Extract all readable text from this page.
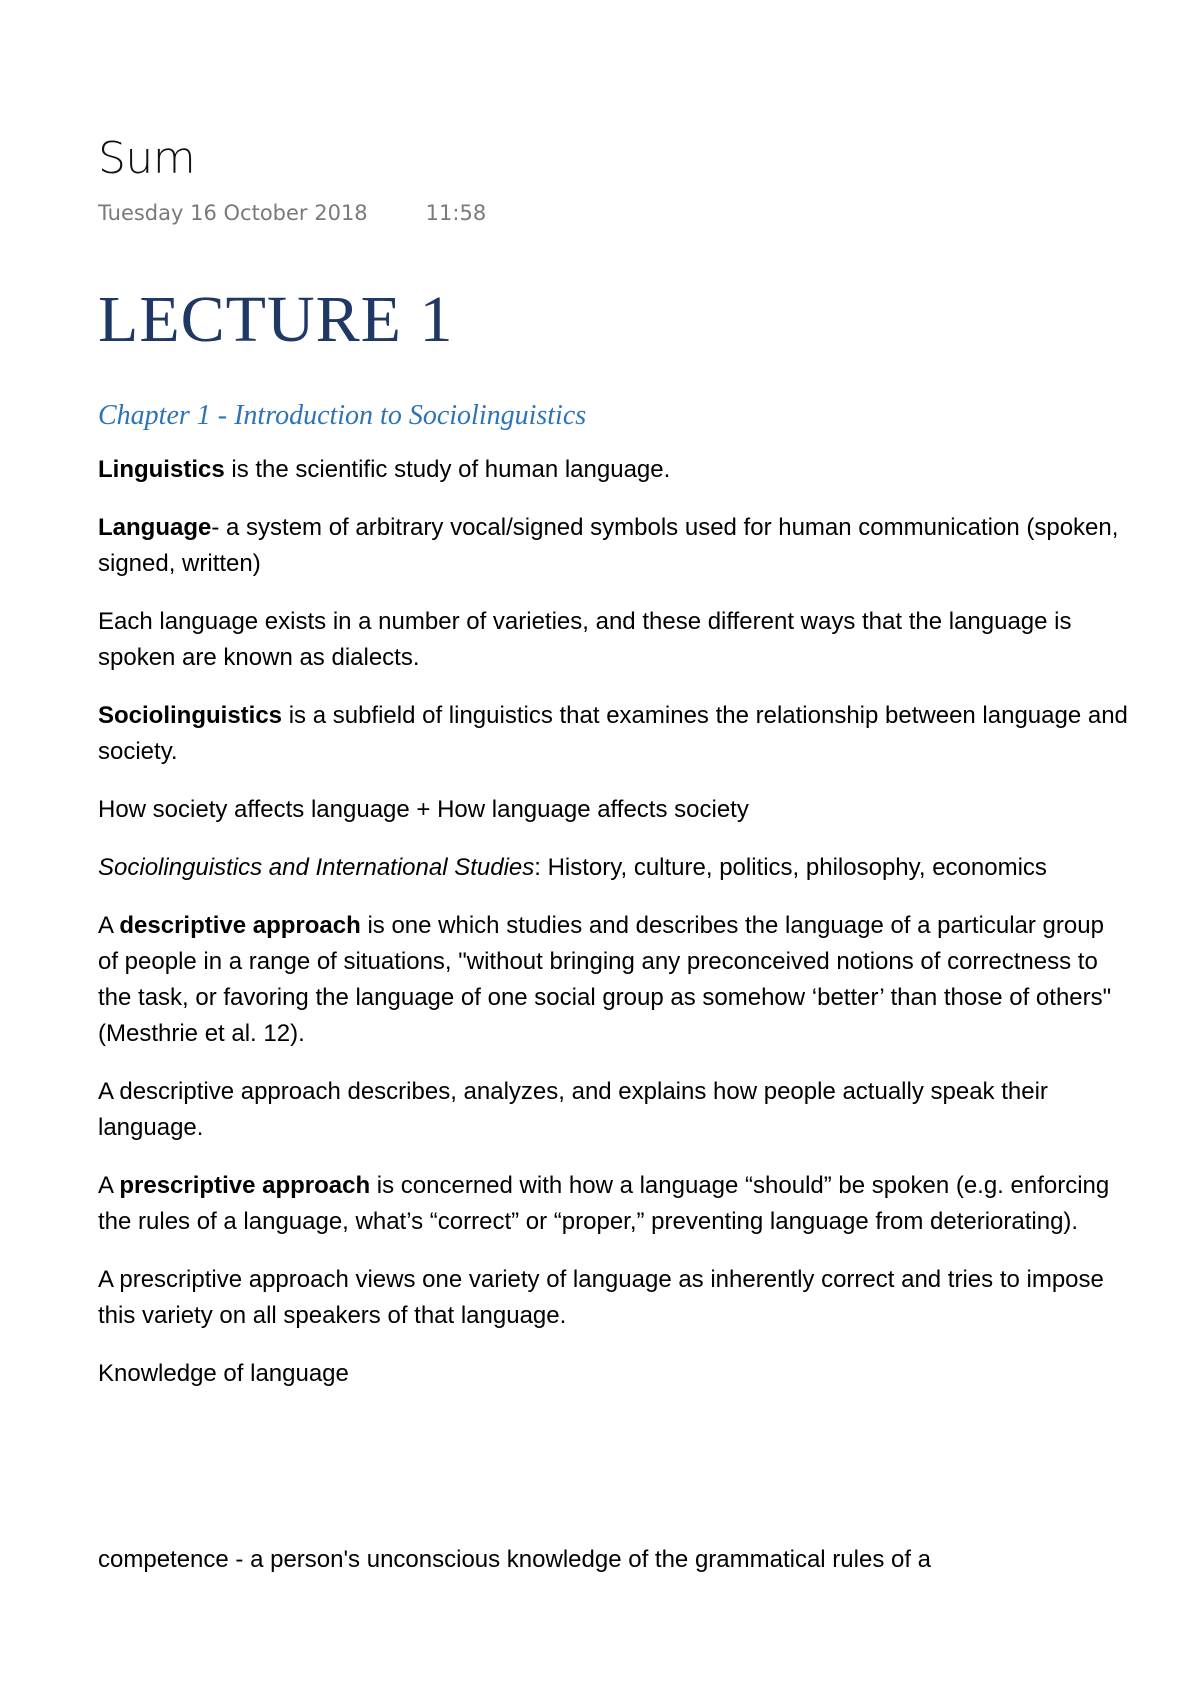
Sum
Tuesday 16 October 2018	11:58
LECTURE 1
Chapter 1 - Introduction to Sociolinguistics

Linguistics is the scientific study of human language.

Language- a system of arbitrary vocal/signed symbols used for human communication (spoken, signed, written)

Each language exists in a number of varieties, and these different ways that the language is spoken are known as dialects.

Sociolinguistics is a subfield of linguistics that examines the relationship between language and society.

How society affects language + How language affects society

Sociolinguistics and International Studies: History, culture, politics, philosophy, economics

A descriptive approach is one which studies and describes the language of a particular group of people in a range of situations, "without bringing any preconceived notions of correctness to the task, or favoring the language of one social group as somehow ‘better’ than those of others" (Mesthrie et al. 12).

A descriptive approach describes, analyzes, and explains how people actually speak their language.

A prescriptive approach is concerned with how a language “should” be spoken (e.g. enforcing the rules of a language, what’s “correct” or “proper,” preventing language from deteriorating).

A prescriptive approach views one variety of language as inherently correct and tries to impose this variety on all speakers of that language.

Knowledge of language

competence - a person's unconscious knowledge of the grammatical rules of a
